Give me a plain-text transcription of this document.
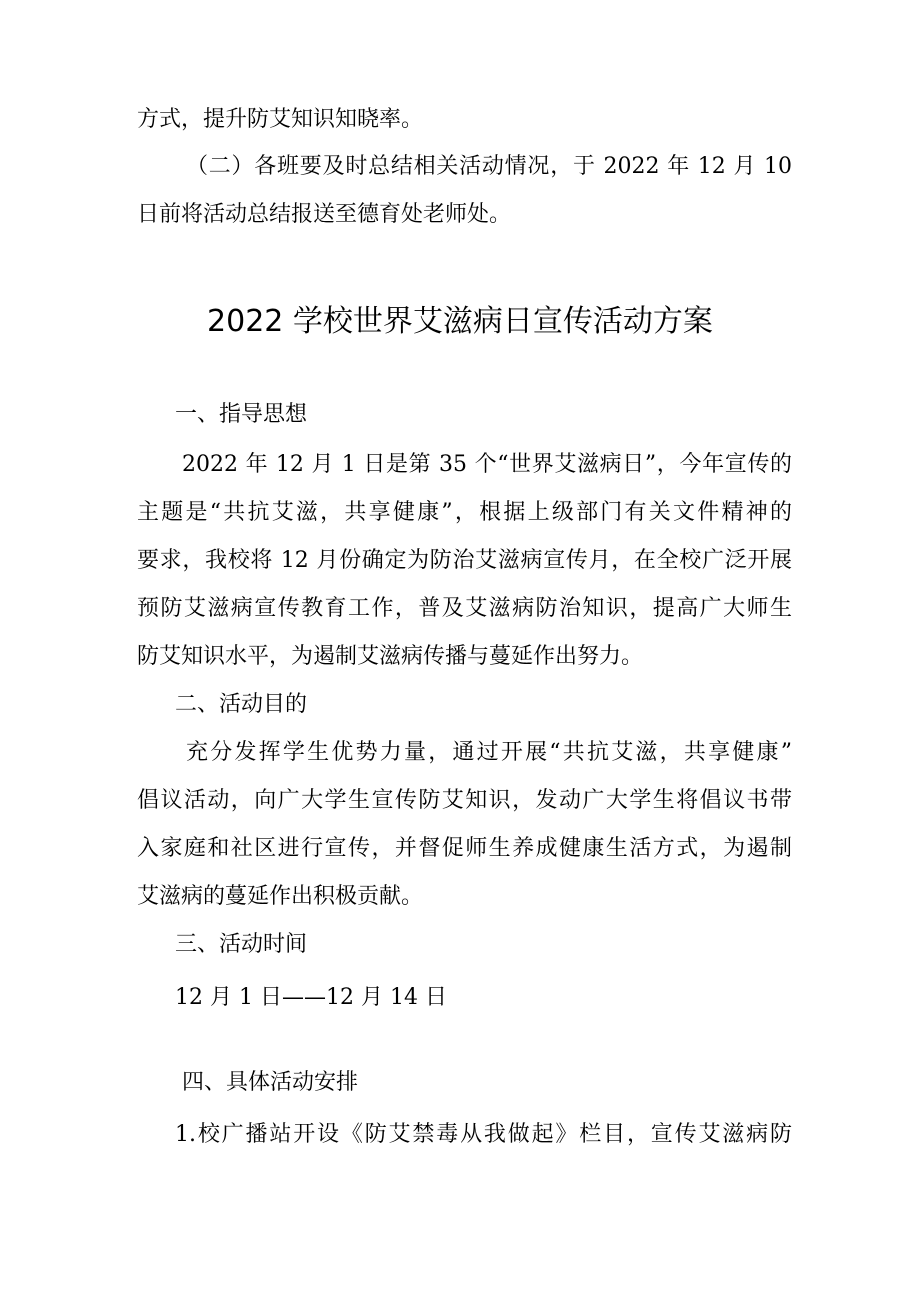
方式，提升防艾知识知晓率。
（二）各班要及时总结相关活动情况，于 2022 年 12 月 10
日前将活动总结报送至德育处老师处。
2022 学校世界艾滋病日宣传活动方案
一、指导思想
2022 年 12 月 1 日是第 35 个“世界艾滋病日”，今年宣传的
主题是“共抗艾滋，共享健康”，根据上级部门有关文件精神的
要求，我校将 12 月份确定为防治艾滋病宣传月，在全校广泛开展
预防艾滋病宣传教育工作，普及艾滋病防治知识，提高广大师生
防艾知识水平，为遏制艾滋病传播与蔓延作出努力。
二、活动目的
充分发挥学生优势力量，通过开展“共抗艾滋，共享健康”
倡议活动，向广大学生宣传防艾知识，发动广大学生将倡议书带
入家庭和社区进行宣传，并督促师生养成健康生活方式，为遏制
艾滋病的蔓延作出积极贡献。
三、活动时间
12 月 1 日——12 月 14 日
四、具体活动安排
1.校广播站开设《防艾禁毒从我做起》栏目，宣传艾滋病防
